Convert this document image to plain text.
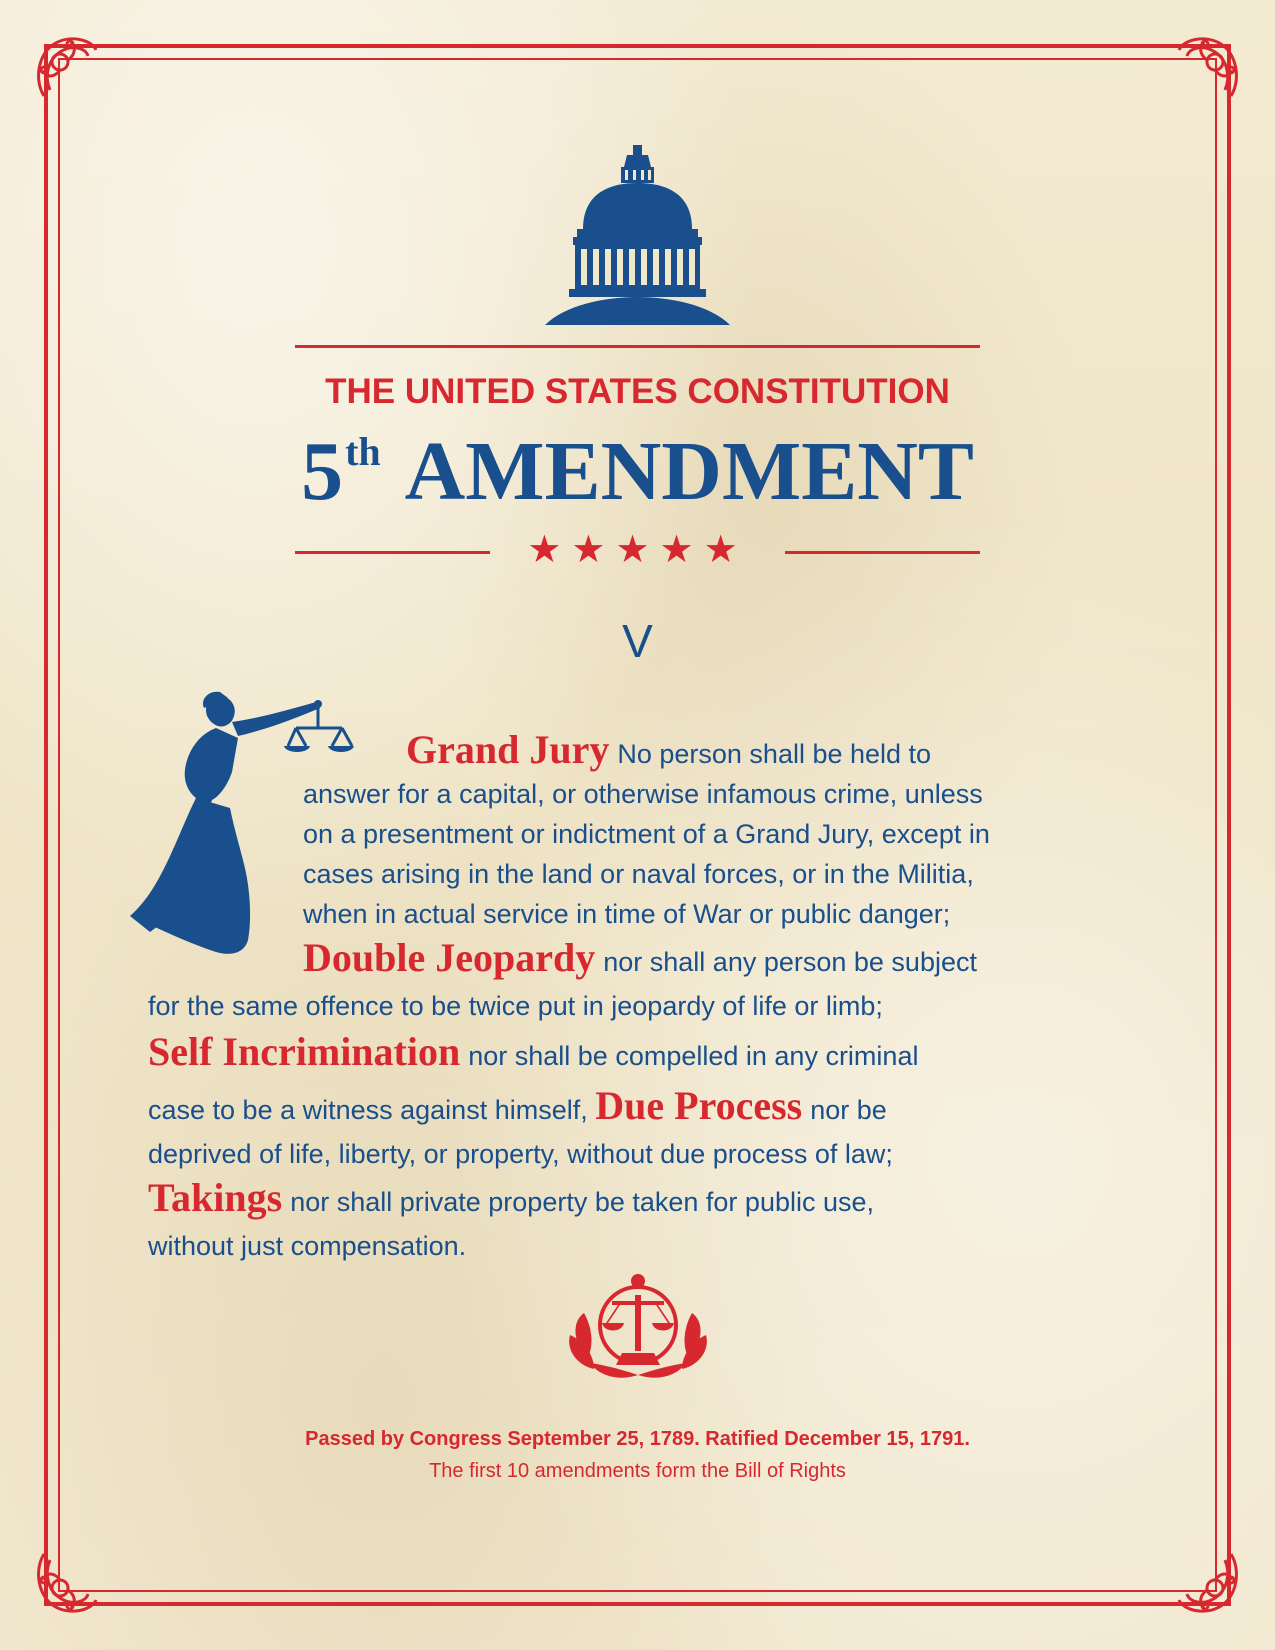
THE UNITED STATES CONSTITUTION
5th AMENDMENT
★★★★★
V
Grand Jury No person shall be held to
answer for a capital, or otherwise infamous crime, unless
on a presentment or indictment of a Grand Jury, except in
cases arising in the land or naval forces, or in the Militia,
when in actual service in time of War or public danger;
Double Jeopardy nor shall any person be subject
for the same offence to be twice put in jeopardy of life or limb;
Self Incrimination nor shall be compelled in any criminal
case to be a witness against himself, Due Process nor be
deprived of life, liberty, or property, without due process of law;
Takings nor shall private property be taken for public use,
without just compensation.
Passed by Congress September 25, 1789. Ratified December 15, 1791.
The first 10 amendments form the Bill of Rights
